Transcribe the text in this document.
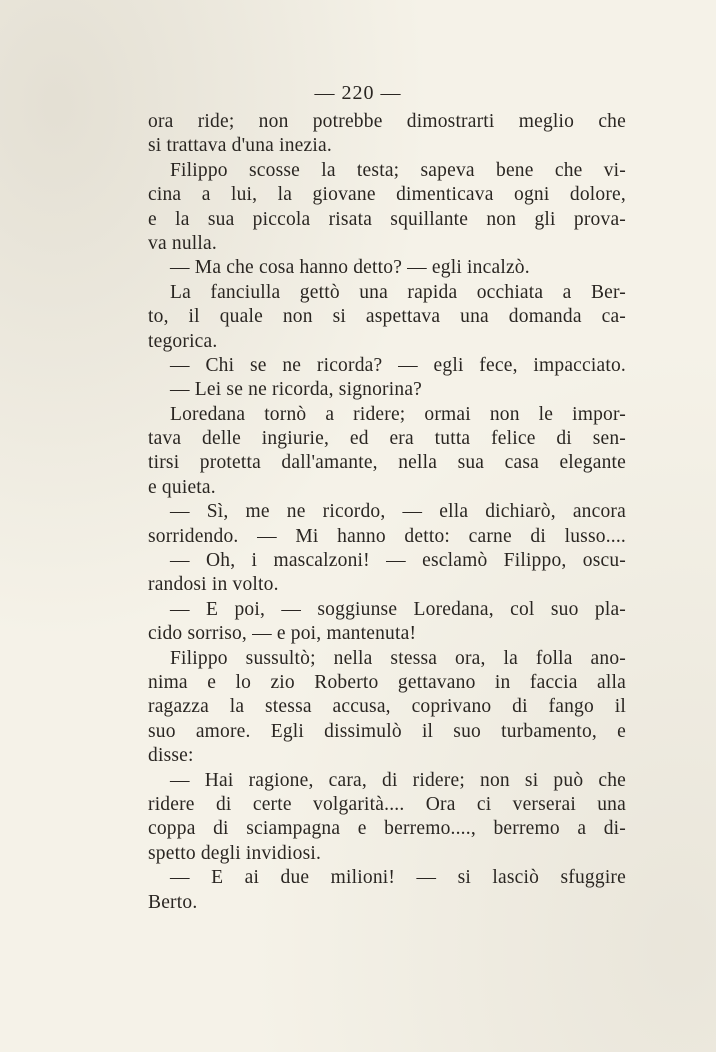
— 220 —
ora ride; non potrebbe dimostrarti meglio che
si trattava d'una inezia.
Filippo scosse la testa; sapeva bene che vi-
cina a lui, la giovane dimenticava ogni dolore,
e la sua piccola risata squillante non gli prova-
va nulla.
— Ma che cosa hanno detto? — egli incalzò.
La fanciulla gettò una rapida occhiata a Ber-
to, il quale non si aspettava una domanda ca-
tegorica.
— Chi se ne ricorda? — egli fece, impacciato.
— Lei se ne ricorda, signorina?
Loredana tornò a ridere; ormai non le impor-
tava delle ingiurie, ed era tutta felice di sen-
tirsi protetta dall'amante, nella sua casa elegante
e quieta.
— Sì, me ne ricordo, — ella dichiarò, ancora
sorridendo. — Mi hanno detto: carne di lusso....
— Oh, i mascalzoni! — esclamò Filippo, oscu-
randosi in volto.
— E poi, — soggiunse Loredana, col suo pla-
cido sorriso, — e poi, mantenuta!
Filippo sussultò; nella stessa ora, la folla ano-
nima e lo zio Roberto gettavano in faccia alla
ragazza la stessa accusa, coprivano di fango il
suo amore. Egli dissimulò il suo turbamento, e
disse:
— Hai ragione, cara, di ridere; non si può che
ridere di certe volgarità.... Ora ci verserai una
coppa di sciampagna e berremo...., berremo a di-
spetto degli invidiosi.
— E ai due milioni! — si lasciò sfuggire
Berto.
